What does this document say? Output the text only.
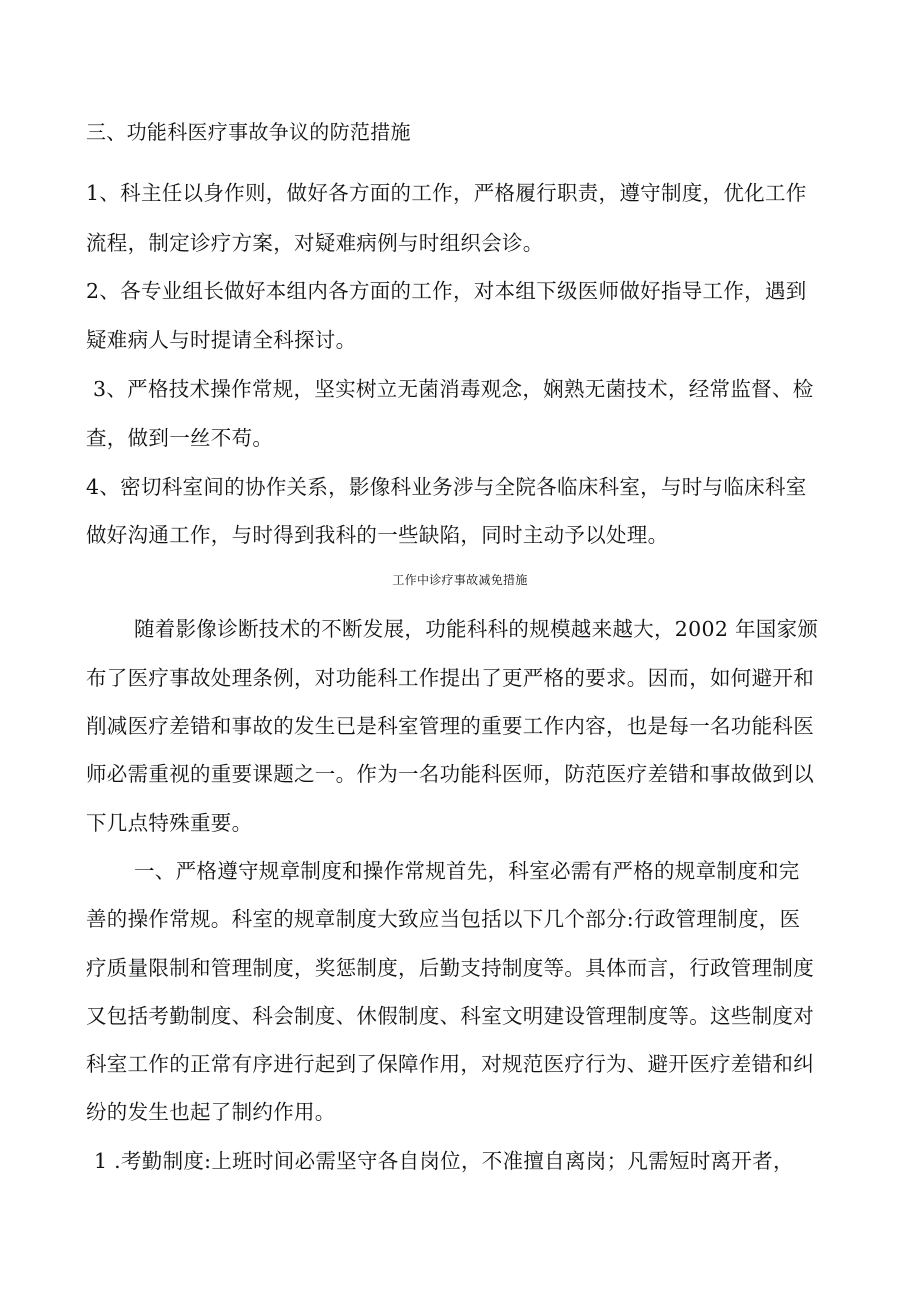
三、功能科医疗事故争议的防范措施
1、科主任以身作则，做好各方面的工作，严格履行职责，遵守制度，优化工作
流程，制定诊疗方案，对疑难病例与时组织会诊。
2、各专业组长做好本组内各方面的工作，对本组下级医师做好指导工作，遇到
疑难病人与时提请全科探讨。
3、严格技术操作常规，坚实树立无菌消毒观念，娴熟无菌技术，经常监督、检
查，做到一丝不苟。
4、密切科室间的协作关系，影像科业务涉与全院各临床科室，与时与临床科室
做好沟通工作，与时得到我科的一些缺陷，同时主动予以处理。
工作中诊疗事故减免措施
随着影像诊断技术的不断发展，功能科科的规模越来越大，2002 年国家颁
布了医疗事故处理条例，对功能科工作提出了更严格的要求。因而，如何避开和
削减医疗差错和事故的发生已是科室管理的重要工作内容，也是每一名功能科医
师必需重视的重要课题之一。作为一名功能科医师，防范医疗差错和事故做到以
下几点特殊重要。
一、严格遵守规章制度和操作常规首先，科室必需有严格的规章制度和完
善的操作常规。科室的规章制度大致应当包括以下几个部分:行政管理制度，医
疗质量限制和管理制度，奖惩制度，后勤支持制度等。具体而言，行政管理制度
又包括考勤制度、科会制度、休假制度、科室文明建设管理制度等。这些制度对
科室工作的正常有序进行起到了保障作用，对规范医疗行为、避开医疗差错和纠
纷的发生也起了制约作用。
1 .考勤制度:上班时间必需坚守各自岗位，不准擅自离岗；凡需短时离开者，
